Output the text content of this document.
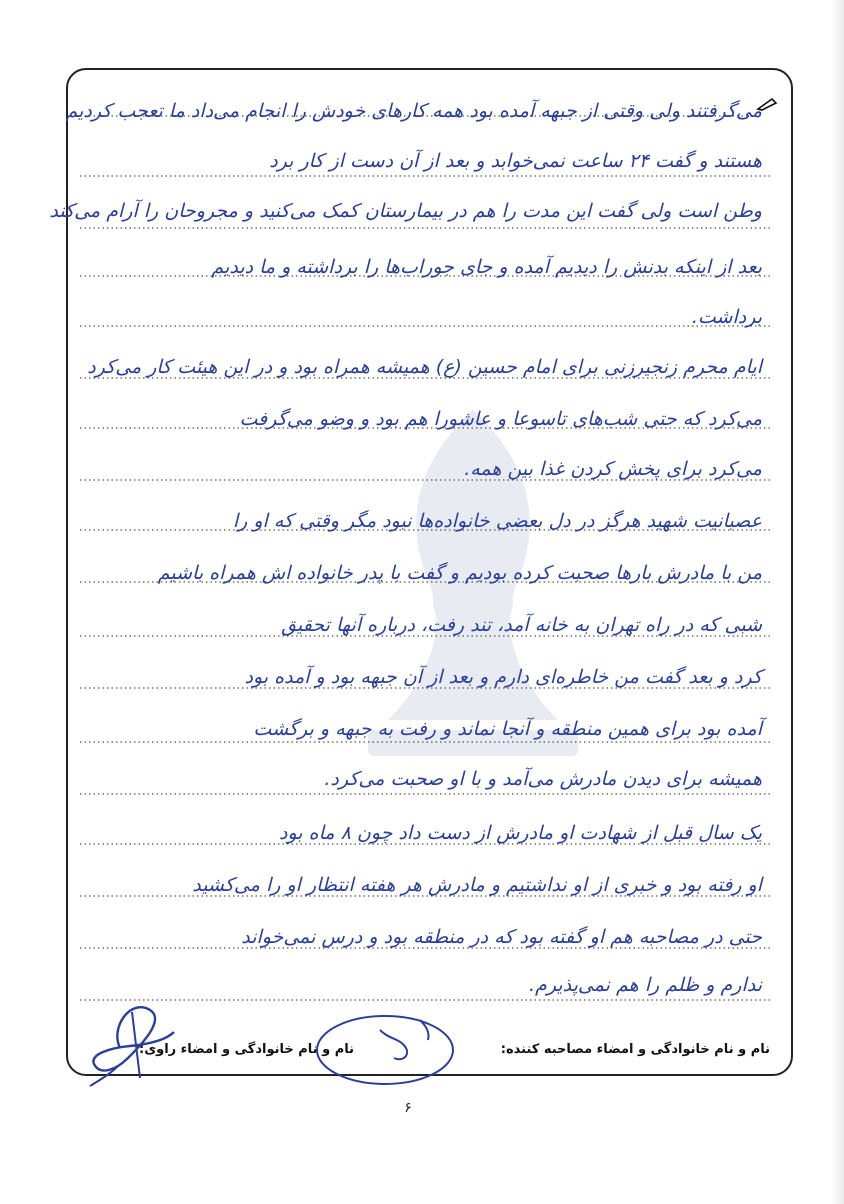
می‌گرفتند ولی وقتی از جبهه آمده بود همه کارهای خودش را انجام می‌داد ما تعجب کردیم
هستند و گفت ۲۴ ساعت نمی‌خوابد و بعد از آن دست از کار برد
وطن است ولی گفت این مدت را هم در بیمارستان کمک می‌کنید و مجروحان را آرام می‌کند
بعد از اینکه بدنش را دیدیم آمده و جای جوراب‌ها را برداشته و ما دیدیم
برداشت.
ایام محرم زنجیرزنی برای امام حسین (ع) همیشه همراه بود و در این هیئت کار می‌کرد
می‌کرد که حتی شب‌های تاسوعا و عاشورا هم بود و وضو می‌گرفت
می‌کرد برای پخش کردن غذا بین همه.
عصبانیت شهید هرگز در دل بعضی خانواده‌ها نبود مگر وقتی که او را
من با مادرش بارها صحبت کرده بودیم و گفت با پدر خانواده اش همراه باشیم
شبی که در راه تهران به خانه آمد، تند رفت، درباره آنها تحقیق
کرد و بعد گفت من خاطره‌ای دارم و بعد از آن جبهه بود و آمده بود
آمده بود برای همین منطقه و آنجا نماند و رفت به جبهه و برگشت
همیشه برای دیدن مادرش می‌آمد و با او صحبت می‌کرد.
یک سال قبل از شهادت او مادرش از دست داد چون ۸ ماه بود
او رفته بود و خبری از او نداشتیم و مادرش هر هفته انتظار او را می‌کشید
حتی در مصاحبه هم او گفته بود که در منطقه بود و درس نمی‌خواند
ندارم و ظلم را هم نمی‌پذیرم.
نام و نام خانوادگی و امضاء مصاحبه کننده:
نام و نام خانوادگی و امضاء راوی:
۶
